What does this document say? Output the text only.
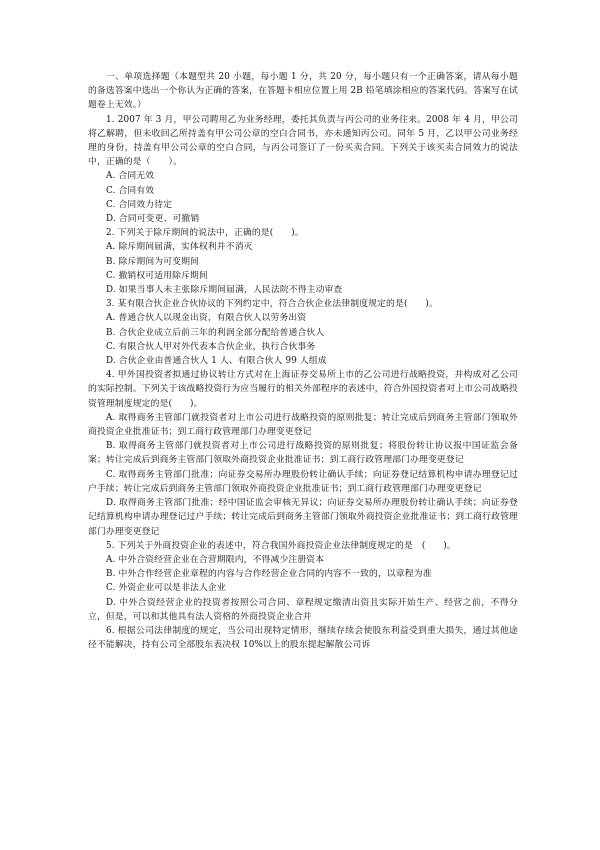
一、单项选择题（本题型共 20 小题，每小题 1 分，共 20 分，每小题只有一个正确答案，请从每小题的备选答案中选出一个你认为正确的答案，在答题卡相应位置上用 2B 铅笔填涂相应的答案代码。答案写在试题卷上无效。）

1. 2007 年 3 月，甲公司聘用乙为业务经理，委托其负责与丙公司的业务往来。2008 年 4 月，甲公司将乙解聘，但未收回乙所持盖有甲公司公章的空白合同书，亦未通知丙公司。同年 5 月，乙以甲公司业务经理的身份，持盖有甲公司公章的空白合同，与丙公司签订了一份买卖合同。下列关于该买卖合同效力的说法中，正确的是（　　）。

A. 合同无效

C. 合同有效

C. 合同效力待定

D. 合同可变更、可撤销

2. 下列关于除斥期间的说法中，正确的是(　　)。

A. 除斥期间届满，实体权利并不消灭

B. 除斥期间为可变期间

C. 撤销权可适用除斥期间

D. 如果当事人未主张除斥期间届满，人民法院不得主动审查

3. 某有限合伙企业合伙协议的下列约定中，符合合伙企业法律制度规定的是(　　)。

A. 普通合伙人以现金出资，有限合伙人以劳务出资

B. 合伙企业成立后前三年的利润全部分配给普通合伙人

C. 有限合伙人甲对外代表本合伙企业，执行合伙事务

D. 合伙企业由普通合伙人 1 人、有限合伙人 99 人组成

4. 甲外国投资者拟通过协议转让方式对在上海证券交易所上市的乙公司进行战略投资，并构成对乙公司的实际控制。下列关于该战略投资行为应当履行的相关外部程序的表述中，符合外国投资者对上市公司战略投资管理制度规定的是(　　)。

A. 取得商务主管部门就投资者对上市公司进行战略投资的原则批复；转让完成后到商务主管部门领取外商投资企业批准证书；到工商行政管理部门办理变更登记

B. 取得商务主管部门就投资者对上市公司进行战略投资的原则批复；将股份转让协议报中国证监会备案；转让完成后到商务主管部门领取外商投资企业批准证书；到工商行政管理部门办理变更登记

C. 取得商务主管部门批准；向证券交易所办理股份转让确认手续；向证券登记结算机构申请办理登记过户手续；转让完成后到商务主管部门领取外商投资企业批准证书；到工商行政管理部门办理变更登记

D. 取得商务主管部门批准；经中国证监会审核无异议；向证券交易所办理股份转让确认手续；向证券登记结算机构申请办理登记过户手续；转让完成后到商务主管部门领取外商投资企业批准证书；到工商行政管理部门办理变更登记

5. 下列关于外商投资企业的表述中，符合我国外商投资企业法律制度规定的是　(　　)。

A. 中外合资经营企业在合营期限内，不得减少注册资本

B. 中外合作经营企业章程的内容与合作经营企业合同的内容不一致的，以章程为准

C. 外资企业可以是非法人企业

D. 中外合资经营企业的投资者按照公司合同、章程规定缴清出资且实际开始生产、经营之前，不得分立，但是，可以和其他具有法人资格的外商投资企业合并

6. 根据公司法律制度的规定，当公司出现特定情形，继续存续会使股东利益受到重大损失，通过其他途径不能解决，持有公司全部股东表决权 10%以上的股东提起解散公司诉
